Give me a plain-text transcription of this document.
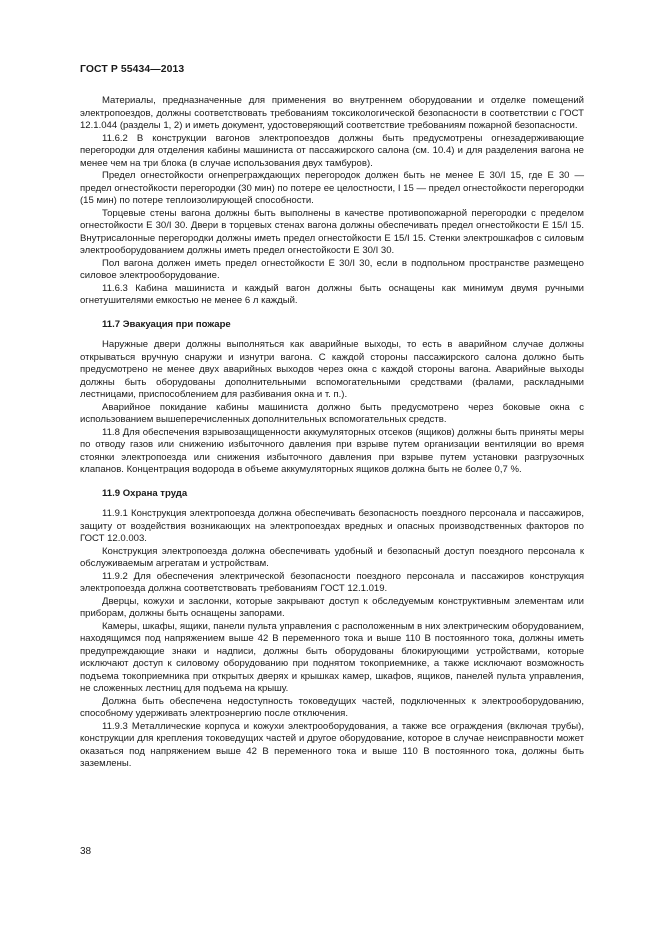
ГОСТ Р 55434—2013

Материалы, предназначенные для применения во внутреннем оборудовании и отделке помещений электропоездов, должны соответствовать требованиям токсикологической безопасности в соответствии с ГОСТ 12.1.044 (разделы 1, 2) и иметь документ, удостоверяющий соответствие требованиям пожарной безопасности.

11.6.2 В конструкции вагонов электропоездов должны быть предусмотрены огнезадерживающие перегородки для отделения кабины машиниста от пассажирского салона (см. 10.4) и для разделения вагона не менее чем на три блока (в случае использования двух тамбуров).

Предел огнестойкости огнепреграждающих перегородок должен быть не менее Е 30/I 15, где Е 30 — предел огнестойкости перегородки (30 мин) по потере ее целостности, I 15 — предел огнестойкости перегородки (15 мин) по потере теплоизолирующей способности.

Торцевые стены вагона должны быть выполнены в качестве противопожарной перегородки с пределом огнестойкости Е 30/I 30. Двери в торцевых стенах вагона должны обеспечивать предел огнестойкости Е 15/I 15. Внутрисалонные перегородки должны иметь предел огнестойкости Е 15/I 15. Стенки электрошкафов с силовым электрооборудованием должны иметь предел огнестойкости Е 30/I 30.

Пол вагона должен иметь предел огнестойкости Е 30/I 30, если в подпольном пространстве размещено силовое электрооборудование.

11.6.3 Кабина машиниста и каждый вагон должны быть оснащены как минимум двумя ручными огнетушителями емкостью не менее 6 л каждый.

11.7 Эвакуация при пожаре

Наружные двери должны выполняться как аварийные выходы, то есть в аварийном случае должны открываться вручную снаружи и изнутри вагона. С каждой стороны пассажирского салона должно быть предусмотрено не менее двух аварийных выходов через окна с каждой стороны вагона. Аварийные выходы должны быть оборудованы дополнительными вспомогательными средствами (фалами, раскладными лестницами, приспособлением для разбивания окна и т. п.).

Аварийное покидание кабины машиниста должно быть предусмотрено через боковые окна с использованием вышеперечисленных дополнительных вспомогательных средств.

11.8 Для обеспечения взрывозащищенности аккумуляторных отсеков (ящиков) должны быть приняты меры по отводу газов или снижению избыточного давления при взрыве путем организации вентиляции во время стоянки электропоезда или снижения избыточного давления при взрыве путем установки разгрузочных клапанов. Концентрация водорода в объеме аккумуляторных ящиков должна быть не более 0,7 %.

11.9 Охрана труда

11.9.1 Конструкция электропоезда должна обеспечивать безопасность поездного персонала и пассажиров, защиту от воздействия возникающих на электропоездах вредных и опасных производственных факторов по ГОСТ 12.0.003.

Конструкция электропоезда должна обеспечивать удобный и безопасный доступ поездного персонала к обслуживаемым агрегатам и устройствам.

11.9.2 Для обеспечения электрической безопасности поездного персонала и пассажиров конструкция электропоезда должна соответствовать требованиям ГОСТ 12.1.019.

Дверцы, кожухи и заслонки, которые закрывают доступ к обследуемым конструктивным элементам или приборам, должны быть оснащены запорами.

Камеры, шкафы, ящики, панели пульта управления с расположенным в них электрическим оборудованием, находящимся под напряжением выше 42 В переменного тока и выше 110 В постоянного тока, должны иметь предупреждающие знаки и надписи, должны быть оборудованы блокирующими устройствами, которые исключают доступ к силовому оборудованию при поднятом токоприемнике, а также исключают возможность подъема токоприемника при открытых дверях и крышках камер, шкафов, ящиков, панелей пульта управления, не сложенных лестниц для подъема на крышу.

Должна быть обеспечена недоступность токоведущих частей, подключенных к электрооборудованию, способному удерживать электроэнергию после отключения.

11.9.3 Металлические корпуса и кожухи электрооборудования, а также все ограждения (включая трубы), конструкции для крепления токоведущих частей и другое оборудование, которое в случае неисправности может оказаться под напряжением выше 42 В переменного тока и выше 110 В постоянного тока, должны быть заземлены.

38
